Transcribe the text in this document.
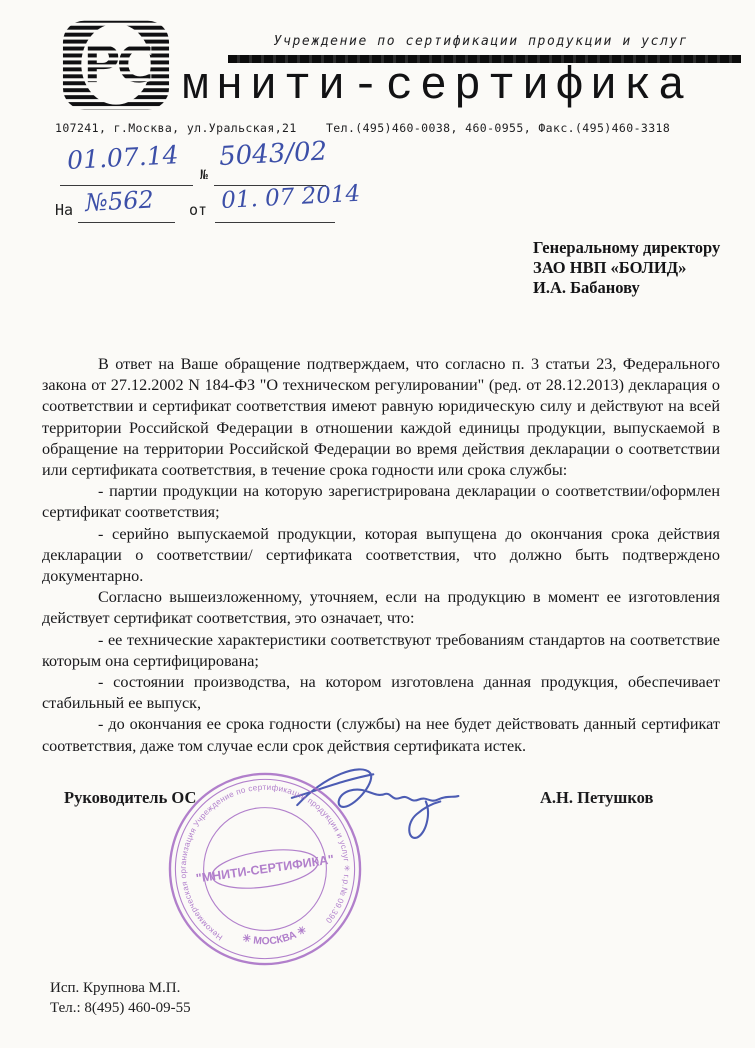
РС	Учреждение по сертификации продукции и услуг
мнити-сертифика
107241, г.Москва, ул.Уральская,21    Тел.(495)460-0038, 460-0955, Факс.(495)460-3318
01.07.14
№
5043/02
На №562 от 01. 07 2014
Генеральному директору
ЗАО НВП «БОЛИД»
И.А. Бабанову

В ответ на Ваше обращение подтверждаем, что согласно п. 3 статьи 23, Федерального закона от 27.12.2002 N 184-ФЗ "О техническом регулировании" (ред. от 28.12.2013) декларация о соответствии и сертификат соответствия имеют равную юридическую силу и действуют на всей территории Российской Федерации в отношении каждой единицы продукции, выпускаемой в обращение на территории Российской Федерации во время действия декларации о соответствии или сертификата соответствия, в течение срока годности или срока службы:

- партии продукции на которую зарегистрирована декларации о соответствии/оформлен сертификат соответствия;

- серийно выпускаемой продукции, которая выпущена до окончания срока действия декларации о соответствии/ сертификата соответствия, что должно быть подтверждено документарно.

Согласно вышеизложенному, уточняем, если на продукцию в момент ее изготовления действует сертификат соответствия, это означает, что:

- ее технические характеристики соответствуют требованиям стандартов на соответствие которым она сертифицирована;

- состоянии производства, на котором изготовлена данная продукция, обеспечивает стабильный ее выпуск,

- до окончания ее срока годности (службы) на нее будет действовать данный сертификат соответствия, даже том случае если срок действия сертификата истек.

Руководитель ОС	А.Н. Петушков
Некоммерческая организация Учреждение по сертификации продукции и услуг ✳ г.р.№ 09.390
✳ МОСКВА ✳
"МНИТИ-СЕРТИФИКА"
Исп. Крупнова М.П.
Тел.: 8(495) 460-09-55
